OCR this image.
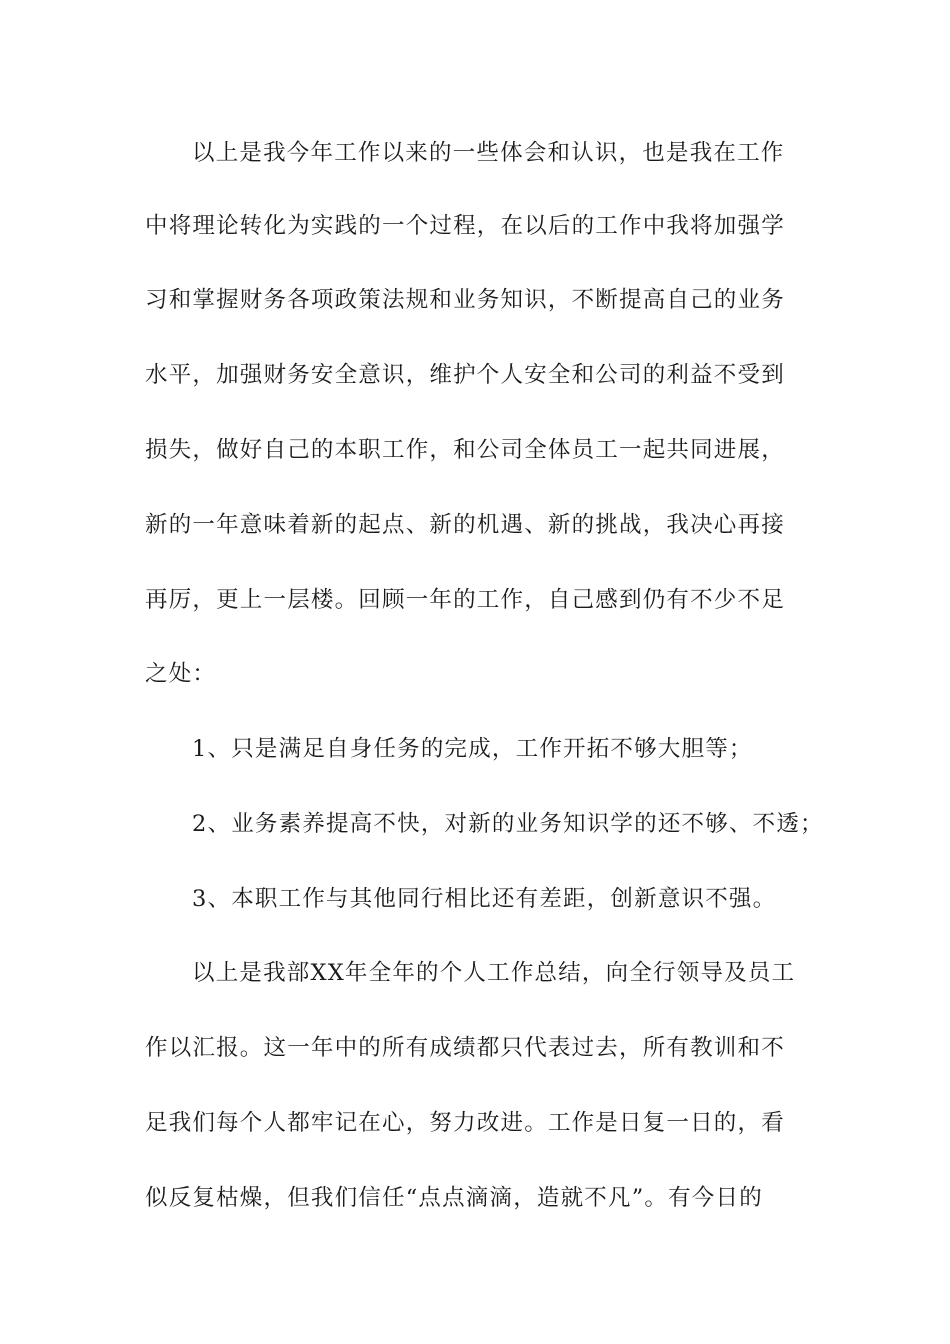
以上是我今年工作以来的一些体会和认识，也是我在工作
中将理论转化为实践的一个过程，在以后的工作中我将加强学
习和掌握财务各项政策法规和业务知识，不断提高自己的业务
水平，加强财务安全意识，维护个人安全和公司的利益不受到
损失，做好自己的本职工作，和公司全体员工一起共同进展，
新的一年意味着新的起点、新的机遇、新的挑战，我决心再接
再厉，更上一层楼。回顾一年的工作，自己感到仍有不少不足
之处：
1、只是满足自身任务的完成，工作开拓不够大胆等；
2、业务素养提高不快，对新的业务知识学的还不够、不透；
3、本职工作与其他同行相比还有差距，创新意识不强。
以上是我部XX年全年的个人工作总结，向全行领导及员工
作以汇报。这一年中的所有成绩都只代表过去，所有教训和不
足我们每个人都牢记在心，努力改进。工作是日复一日的，看
似反复枯燥，但我们信任“点点滴滴，造就不凡”。有今日的
